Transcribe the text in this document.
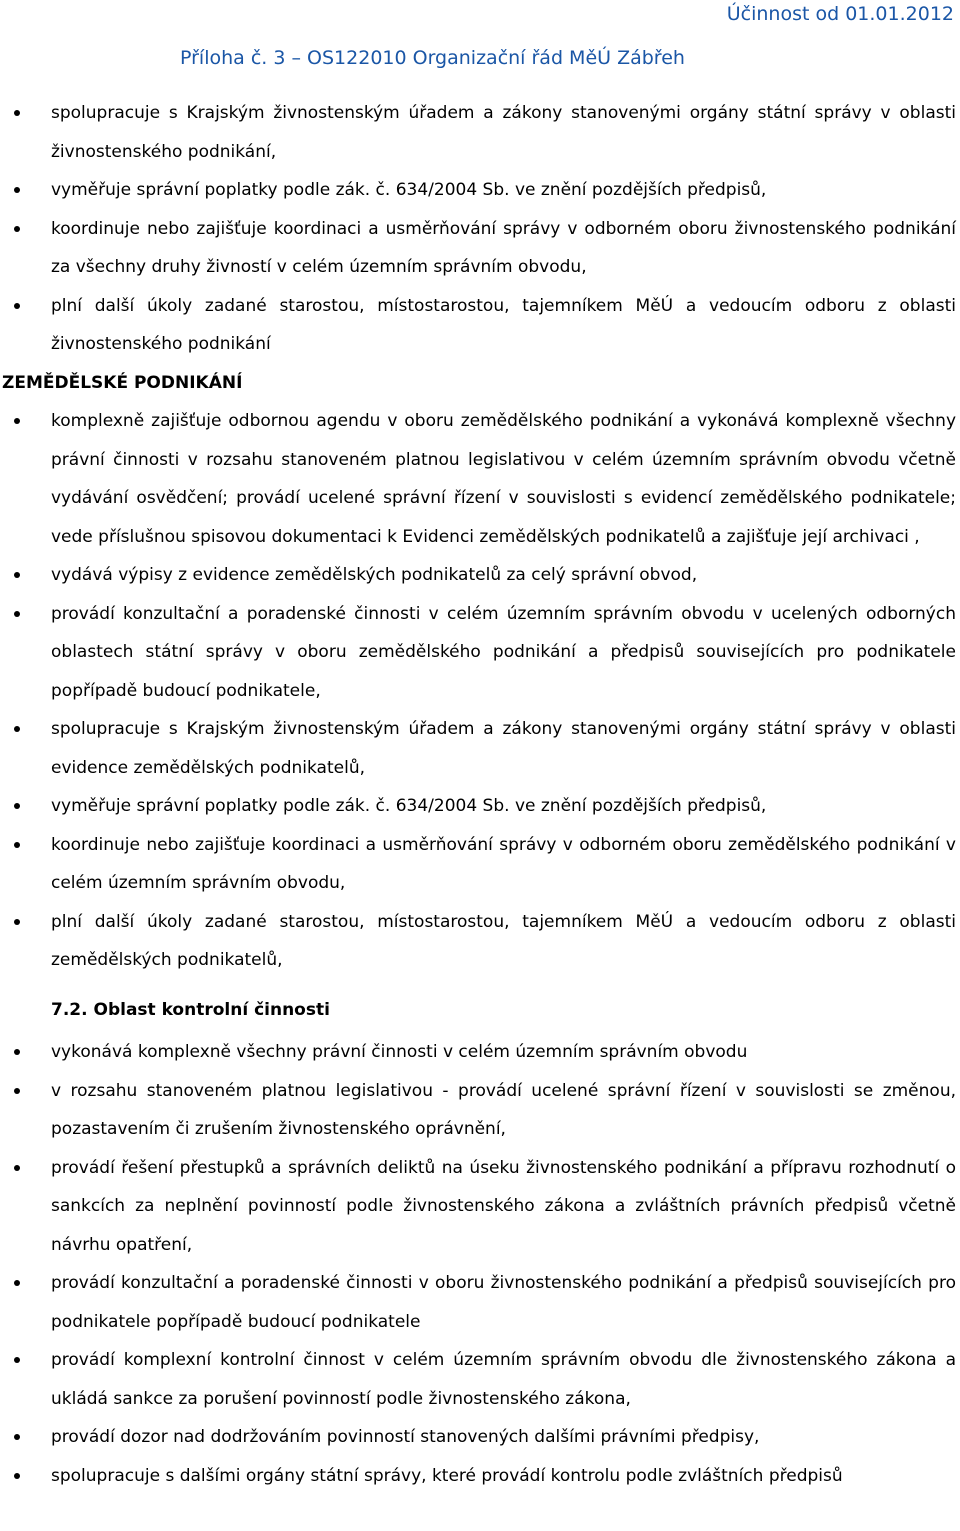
Účinnost od 01.01.2012
Příloha č. 3 – OS122010 Organizační řád MěÚ Zábřeh
spolupracuje s Krajským živnostenským úřadem a zákony stanovenými orgány státní správy v oblasti živnostenského podnikání,
vyměřuje správní poplatky podle zák. č. 634/2004 Sb. ve znění pozdějších předpisů,
koordinuje nebo zajišťuje koordinaci a usměrňování správy v odborném oboru živnostenského podnikání za všechny druhy živností v celém územním správním obvodu,
plní další úkoly zadané starostou, místostarostou, tajemníkem MěÚ a vedoucím odboru z oblasti živnostenského podnikání
ZEMĚDĚLSKÉ PODNIKÁNÍ
komplexně zajišťuje odbornou agendu v oboru zemědělského podnikání a vykonává komplexně všechny právní činnosti v rozsahu stanoveném platnou legislativou v celém územním správním obvodu včetně vydávání osvědčení; provádí ucelené správní řízení v souvislosti s evidencí zemědělského podnikatele; vede příslušnou spisovou dokumentaci k Evidenci zemědělských podnikatelů a zajišťuje její archivaci ,
vydává výpisy z evidence zemědělských podnikatelů za celý správní obvod,
provádí konzultační a poradenské činnosti v celém územním správním obvodu v ucelených odborných oblastech státní správy v oboru zemědělského podnikání a předpisů souvisejících pro podnikatele popřípadě budoucí podnikatele,
spolupracuje s Krajským živnostenským úřadem a zákony stanovenými orgány státní správy v oblasti evidence zemědělských podnikatelů,
vyměřuje správní poplatky podle zák. č. 634/2004 Sb. ve znění pozdějších předpisů,
koordinuje nebo zajišťuje koordinaci a usměrňování správy v odborném oboru zemědělského podnikání v celém územním správním obvodu,
plní další úkoly zadané starostou, místostarostou, tajemníkem MěÚ a vedoucím odboru z oblasti zemědělských podnikatelů,
7.2. Oblast kontrolní činnosti
vykonává komplexně všechny právní činnosti v celém územním správním obvodu
v rozsahu stanoveném platnou legislativou - provádí ucelené správní řízení v souvislosti se změnou, pozastavením či zrušením živnostenského oprávnění,
provádí řešení přestupků a správních deliktů na úseku živnostenského podnikání a přípravu rozhodnutí o sankcích za neplnění povinností podle živnostenského zákona a zvláštních právních předpisů včetně návrhu opatření,
provádí konzultační a poradenské činnosti v oboru živnostenského podnikání a předpisů souvisejících pro podnikatele popřípadě budoucí podnikatele
provádí komplexní kontrolní činnost v celém územním správním obvodu dle živnostenského zákona a ukládá sankce za porušení povinností podle živnostenského zákona,
provádí dozor nad dodržováním povinností stanovených dalšími právními předpisy,
spolupracuje s dalšími orgány státní správy, které provádí kontrolu podle zvláštních předpisů
